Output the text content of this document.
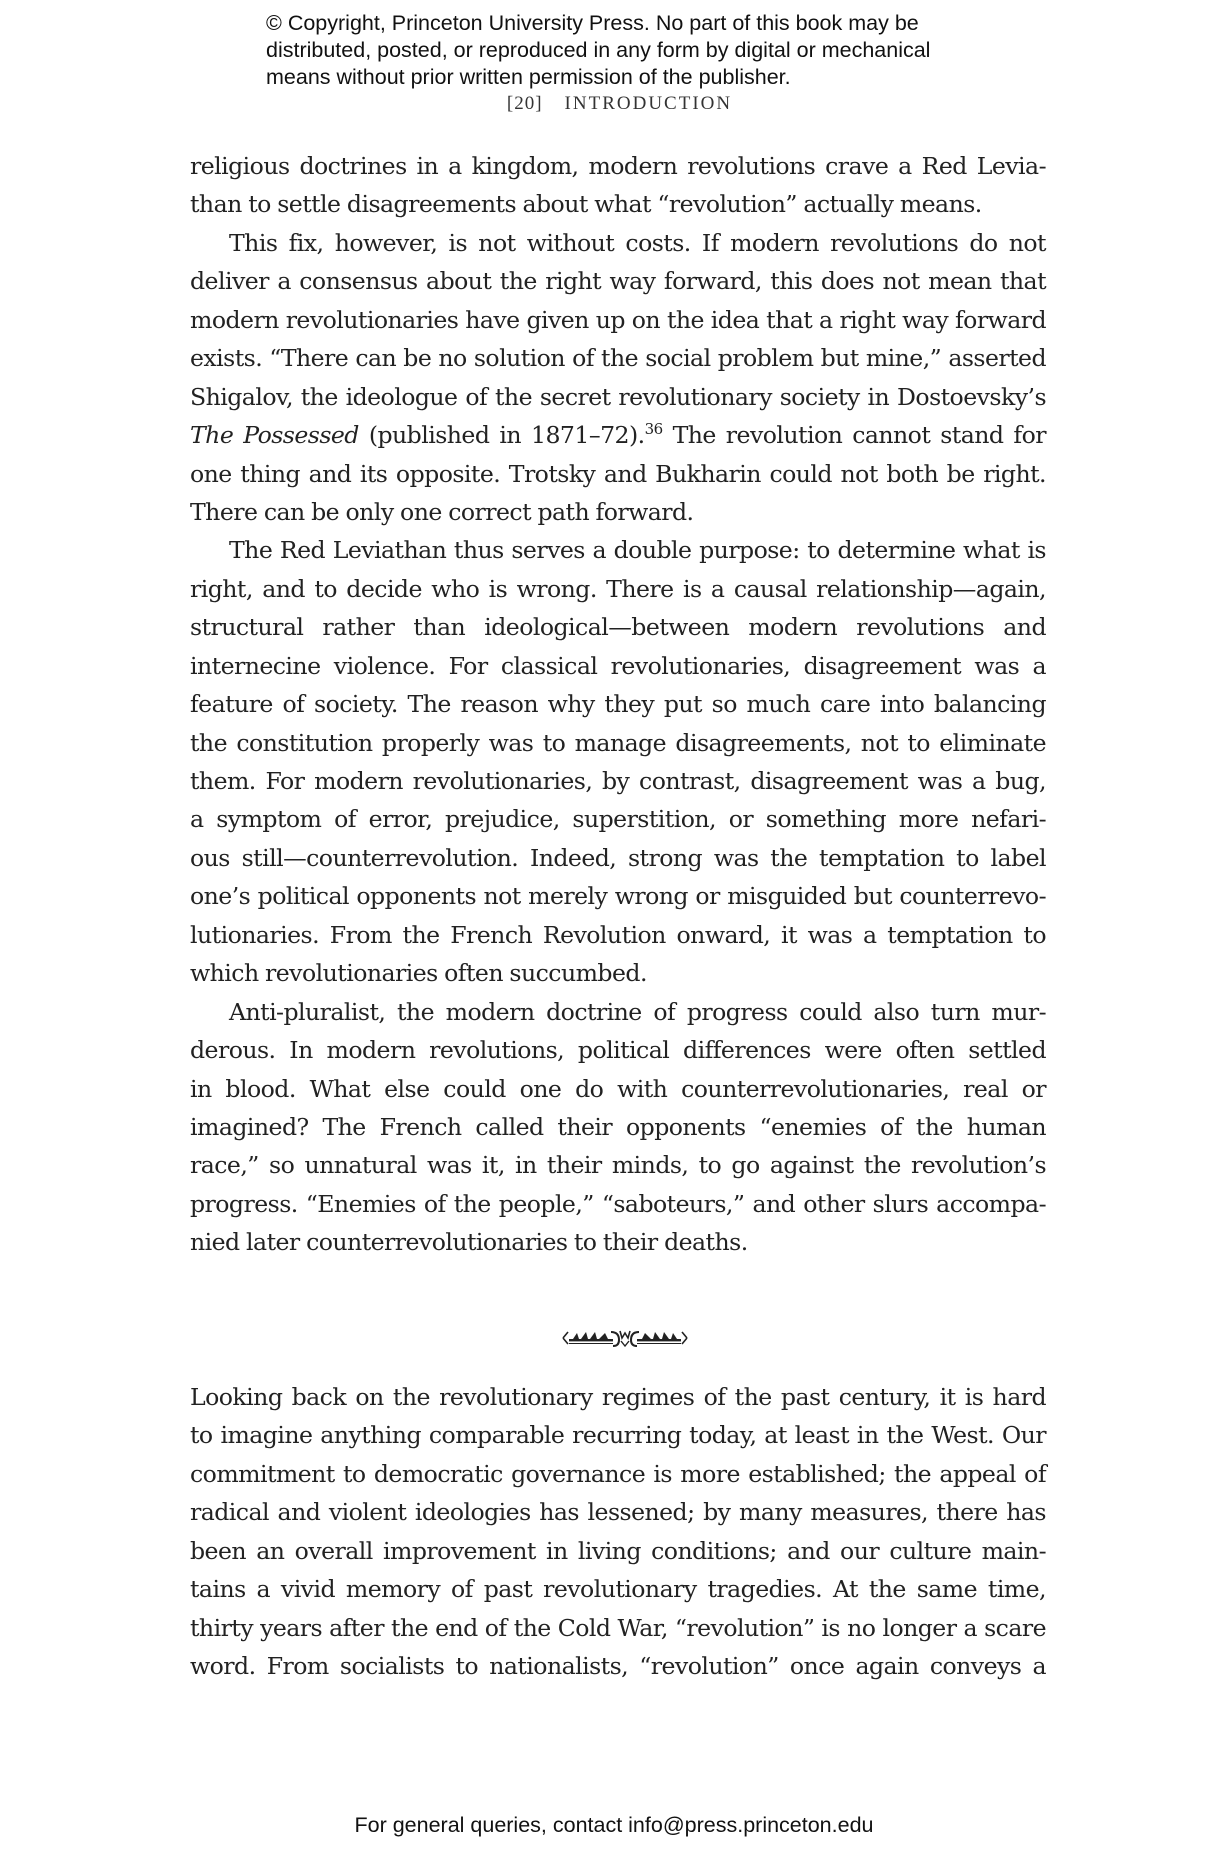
© Copyright, Princeton University Press. No part of this book may be
distributed, posted, or reproduced in any form by digital or mechanical
means without prior written permission of the publisher.
[20] INTRODUCTION
religious doctrines in a kingdom, modern revolutions crave a Red Levia-
than to settle disagreements about what “revolution” actually means.
This fix, however, is not without costs. If modern revolutions do not
deliver a consensus about the right way forward, this does not mean that
modern revolutionaries have given up on the idea that a right way forward
exists. “There can be no solution of the social problem but mine,” asserted
Shigalov, the ideologue of the secret revolutionary society in Dostoevsky’s
The Possessed (published in 1871–72).$^{36}$ The revolution cannot stand for
one thing and its opposite. Trotsky and Bukharin could not both be right.
There can be only one correct path forward.
The Red Leviathan thus serves a double purpose: to determine what is
right, and to decide who is wrong. There is a causal relationship—again,
structural rather than ideological—between modern revolutions and
internecine violence. For classical revolutionaries, disagreement was a
feature of society. The reason why they put so much care into balancing
the constitution properly was to manage disagreements, not to eliminate
them. For modern revolutionaries, by contrast, disagreement was a bug,
a symptom of error, prejudice, superstition, or something more nefari-
ous still—counterrevolution. Indeed, strong was the temptation to label
one’s political opponents not merely wrong or misguided but counterrevo-
lutionaries. From the French Revolution onward, it was a temptation to
which revolutionaries often succumbed.
Anti-pluralist, the modern doctrine of progress could also turn mur-
derous. In modern revolutions, political differences were often settled
in blood. What else could one do with counterrevolutionaries, real or
imagined? The French called their opponents “enemies of the human
race,” so unnatural was it, in their minds, to go against the revolution’s
progress. “Enemies of the people,” “saboteurs,” and other slurs accompa-
nied later counterrevolutionaries to their deaths.
Looking back on the revolutionary regimes of the past century, it is hard
to imagine anything comparable recurring today, at least in the West. Our
commitment to democratic governance is more established; the appeal of
radical and violent ideologies has lessened; by many measures, there has
been an overall improvement in living conditions; and our culture main-
tains a vivid memory of past revolutionary tragedies. At the same time,
thirty years after the end of the Cold War, “revolution” is no longer a scare
word. From socialists to nationalists, “revolution” once again conveys a
For general queries, contact info@press.princeton.edu
